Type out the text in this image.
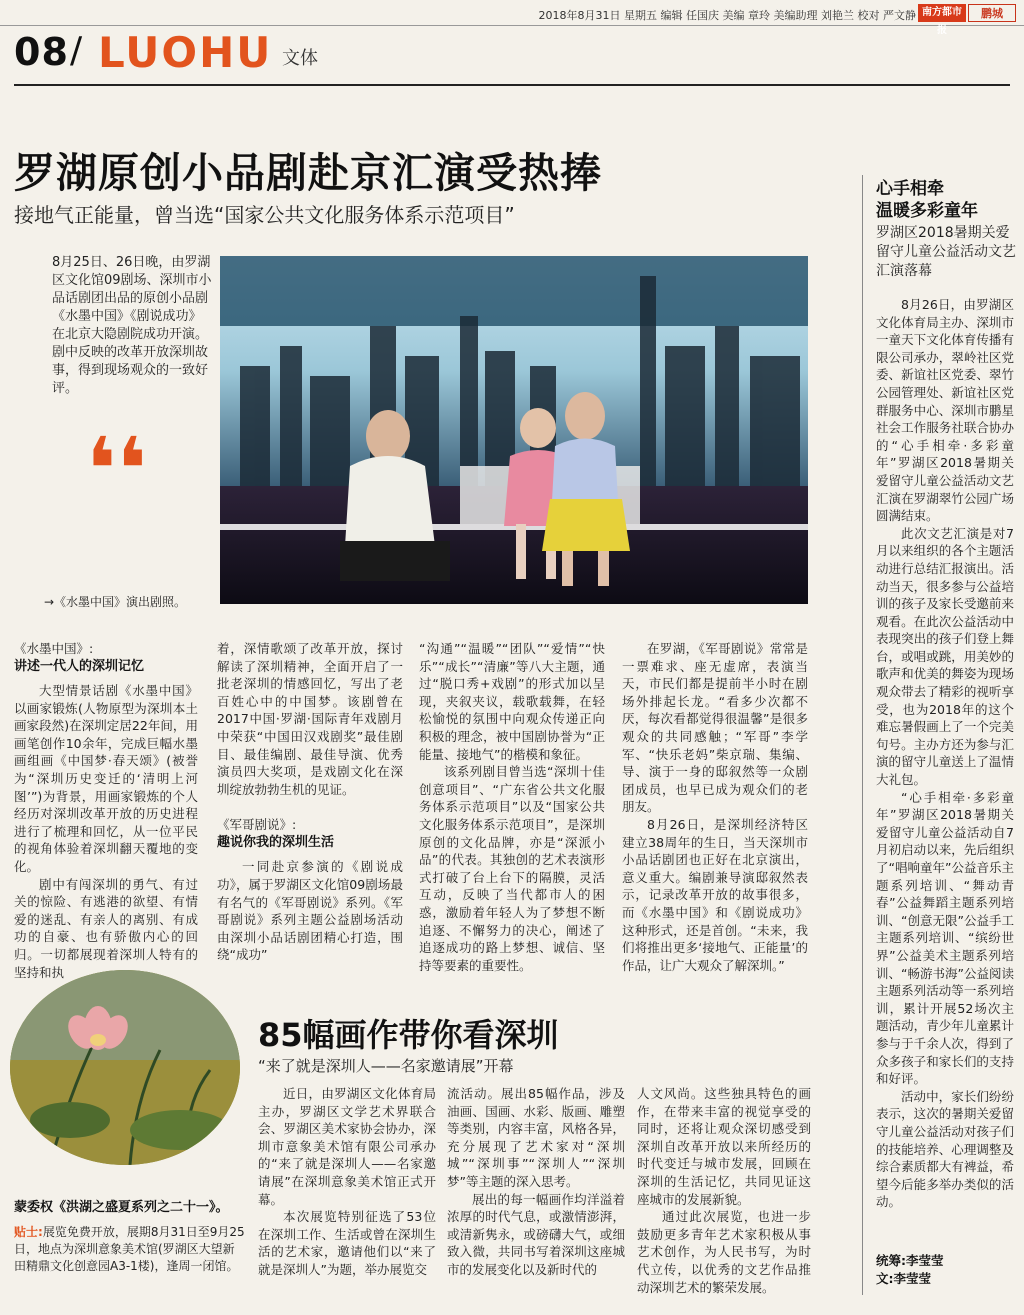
2018年8月31日 星期五 编辑 任国庆 美编 章玲 美编助理 刘艳兰 校对 严文静 南方都市报
鹏城
08 / LUOHU 文体
罗湖原创小品剧赴京汇演受热捧
接地气正能量，曾当选“国家公共文化服务体系示范项目”
8月25日、26日晚，由罗湖区文化馆09剧场、深圳市小品话剧团出品的原创小品剧《水墨中国》《剧说成功》在北京大隐剧院成功开演。剧中反映的改革开放深圳故事，得到现场观众的一致好评。
❛❛
→《水墨中国》演出剧照。
《水墨中国》:
讲述一代人的深圳记忆

大型情景话剧《水墨中国》以画家锻炼(人物原型为深圳本土画家段然)在深圳定居22年间，用画笔创作10余年，完成巨幅水墨画组画《中国梦·春天颂》(被誉为“深圳历史变迁的‘清明上河图’”)为背景，用画家锻炼的个人经历对深圳改革开放的历史进程进行了梳理和回忆，从一位平民的视角体验着深圳翻天覆地的变化。

剧中有闯深圳的勇气、有过关的惊险、有逃港的欲望、有情爱的迷乱、有亲人的离别、有成功的自豪、也有骄傲内心的回归。一切都展现着深圳人特有的坚持和执

着，深情歌颂了改革开放，探讨解读了深圳精神，全面开启了一批老深圳的情感回忆，写出了老百姓心中的中国梦。该剧曾在2017中国·罗湖·国际青年戏剧月中荣获“中国田汉戏剧奖”最佳剧目、最佳编剧、最佳导演、优秀演员四大奖项，是戏剧文化在深圳绽放勃勃生机的见证。

《军哥剧说》:
趣说你我的深圳生活

一同赴京参演的《剧说成功》，属于罗湖区文化馆09剧场最有名气的《军哥剧说》系列。《军哥剧说》系列主题公益剧场活动由深圳小品话剧团精心打造，围绕“成功”

“沟通”“温暖”“团队”“爱情”“快乐”“成长”“清廉”等八大主题，通过“脱口秀+戏剧”的形式加以呈现，夹叙夹议，载歌载舞，在轻松愉悦的氛围中向观众传递正向积极的理念，被中国剧协誉为“正能量、接地气”的楷模和象征。

该系列剧目曾当选“深圳十佳创意项目”、“广东省公共文化服务体系示范项目”以及“国家公共文化服务体系示范项目”，是深圳原创的文化品牌，亦是“深派小品”的代表。其独创的艺术表演形式打破了台上台下的隔膜，灵活互动，反映了当代都市人的困惑，激励着年轻人为了梦想不断追逐、不懈努力的决心，阐述了追逐成功的路上梦想、诚信、坚持等要素的重要性。

在罗湖，《军哥剧说》常常是一票难求、座无虚席，表演当天，市民们都是提前半小时在剧场外排起长龙。“看多少次都不厌，每次看都觉得很温馨”是很多观众的共同感触；“军哥”李学军、“快乐老妈”柴京瑞、集编、导、演于一身的邸叙然等一众剧团成员，也早已成为观众们的老朋友。

8月26日，是深圳经济特区建立38周年的生日，当天深圳市小品话剧团也正好在北京演出，意义重大。编剧兼导演邸叙然表示，记录改革开放的故事很多，而《水墨中国》和《剧说成功》这种形式，还是首创。“未来，我们将推出更多‘接地气、正能量’的作品，让广大观众了解深圳。”

心手相牵
温暖多彩童年
罗湖区2018暑期关爱留守儿童公益活动文艺汇演落幕

8月26日，由罗湖区文化体育局主办、深圳市一童天下文化体育传播有限公司承办，翠岭社区党委、新谊社区党委、翠竹公园管理处、新谊社区党群服务中心、深圳市鹏星社会工作服务社联合协办的“心手相牵·多彩童年”罗湖区2018暑期关爱留守儿童公益活动文艺汇演在罗湖翠竹公园广场圆满结束。

此次文艺汇演是对7月以来组织的各个主题活动进行总结汇报演出。活动当天，很多参与公益培训的孩子及家长受邀前来观看。在此次公益活动中表现突出的孩子们登上舞台，或唱或跳，用美妙的歌声和优美的舞姿为现场观众带去了精彩的视听享受，也为2018年的这个难忘暑假画上了一个完美句号。主办方还为参与汇演的留守儿童送上了温情大礼包。

“心手相牵·多彩童年”罗湖区2018暑期关爱留守儿童公益活动自7月初启动以来，先后组织了“唱响童年”公益音乐主题系列培训、“舞动青春”公益舞蹈主题系列培训、“创意无限”公益手工主题系列培训、“缤纷世界”公益美术主题系列培训、“畅游书海”公益阅读主题系列活动等一系列培训，累计开展52场次主题活动，青少年儿童累计参与于千余人次，得到了众多孩子和家长们的支持和好评。

活动中，家长们纷纷表示，这次的暑期关爱留守儿童公益活动对孩子们的技能培养、心理调整及综合素质都大有裨益，希望今后能多举办类似的活动。

统筹:李莹莹
文:李莹莹
蒙委权《洪湖之盛夏系列之二十一》。
贴士:展览免费开放，展期8月31日至9月25日，地点为深圳意象美术馆(罗湖区大望新田精鼎文化创意园A3-1楼)，逢周一闭馆。
85幅画作带你看深圳
“来了就是深圳人——名家邀请展”开幕

近日，由罗湖区文化体育局主办，罗湖区文学艺术界联合会、罗湖区美术家协会协办，深圳市意象美术馆有限公司承办的“来了就是深圳人——名家邀请展”在深圳意象美术馆正式开幕。

本次展览特别征选了53位在深圳工作、生活或曾在深圳生活的艺术家，邀请他们以“来了就是深圳人”为题，举办展览交

流活动。展出85幅作品，涉及油画、国画、水彩、版画、雕塑等类别，内容丰富，风格各异，充分展现了艺术家对“深圳城”“深圳事”“深圳人”“深圳梦”等主题的深入思考。

展出的每一幅画作均洋溢着浓厚的时代气息，或激情澎湃，或清新隽永，或磅礴大气，或细致入微，共同书写着深圳这座城市的发展变化以及新时代的

人文风尚。这些独具特色的画作，在带来丰富的视觉享受的同时，还将让观众深切感受到深圳自改革开放以来所经历的时代变迁与城市发展，回顾在深圳的生活记忆，共同见证这座城市的发展新貌。

通过此次展览，也进一步鼓励更多青年艺术家积极从事艺术创作，为人民书写，为时代立传，以优秀的文艺作品推动深圳艺术的繁荣发展。
